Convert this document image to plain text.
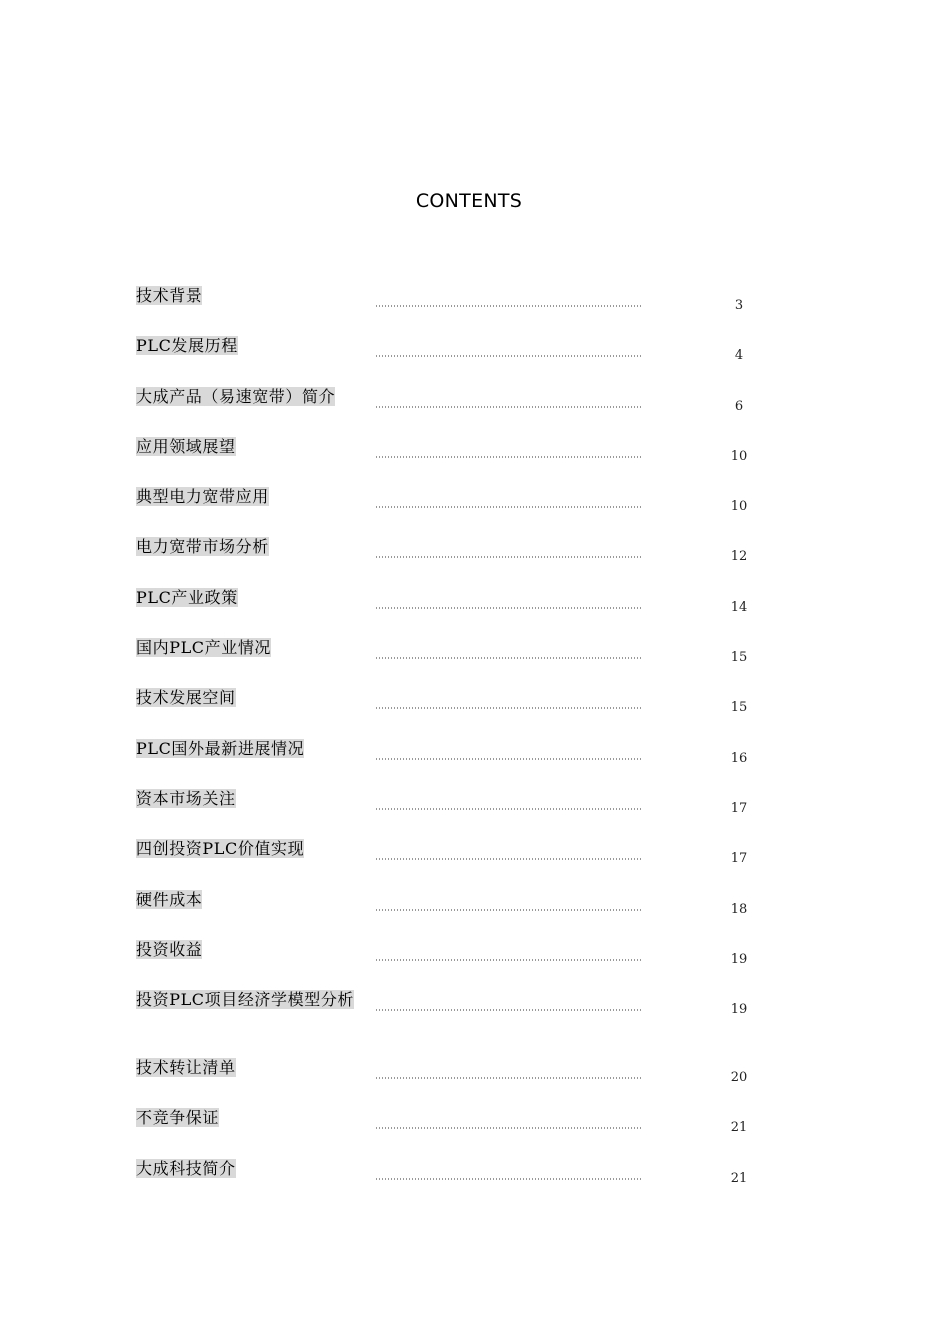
CONTENTS
技术背景
3
PLC发展历程
4
大成产品（易速宽带）简介
6
应用领域展望
10
典型电力宽带应用
10
电力宽带市场分析
12
PLC产业政策
14
国内PLC产业情况
15
技术发展空间
15
PLC国外最新进展情况
16
资本市场关注
17
四创投资PLC价值实现
17
硬件成本
18
投资收益
19
投资PLC项目经济学模型分析
19
技术转让清单
20
不竞争保证
21
大成科技简介
21
